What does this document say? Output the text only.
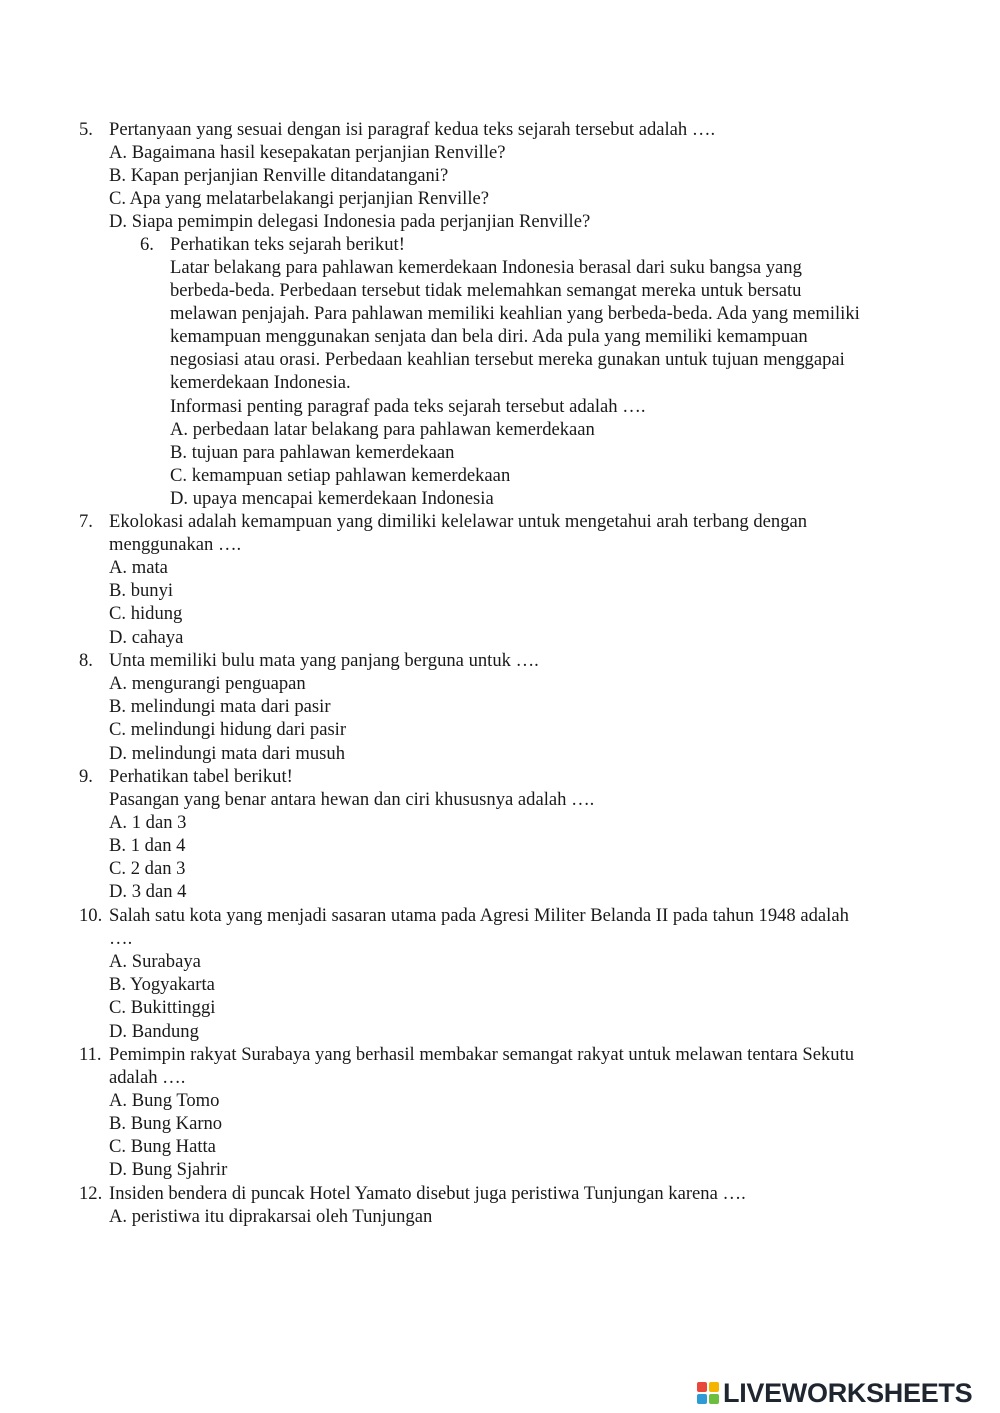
5. Pertanyaan yang sesuai dengan isi paragraf kedua teks sejarah tersebut adalah ….
A. Bagaimana hasil kesepakatan perjanjian Renville?
B. Kapan perjanjian Renville ditandatangani?
C. Apa yang melatarbelakangi perjanjian Renville?
D. Siapa pemimpin delegasi Indonesia pada perjanjian Renville?
6. Perhatikan teks sejarah berikut!
Latar belakang para pahlawan kemerdekaan Indonesia berasal dari suku bangsa yang
berbeda-beda. Perbedaan tersebut tidak melemahkan semangat mereka untuk bersatu
melawan penjajah. Para pahlawan memiliki keahlian yang berbeda-beda. Ada yang memiliki
kemampuan menggunakan senjata dan bela diri. Ada pula yang memiliki kemampuan
negosiasi atau orasi. Perbedaan keahlian tersebut mereka gunakan untuk tujuan menggapai
kemerdekaan Indonesia.
Informasi penting paragraf pada teks sejarah tersebut adalah ….
A. perbedaan latar belakang para pahlawan kemerdekaan
B. tujuan para pahlawan kemerdekaan
C. kemampuan setiap pahlawan kemerdekaan
D. upaya mencapai kemerdekaan Indonesia
7. Ekolokasi adalah kemampuan yang dimiliki kelelawar untuk mengetahui arah terbang dengan
menggunakan ….
A. mata
B. bunyi
C. hidung
D. cahaya
8. Unta memiliki bulu mata yang panjang berguna untuk ….
A. mengurangi penguapan
B. melindungi mata dari pasir
C. melindungi hidung dari pasir
D. melindungi mata dari musuh
9. Perhatikan tabel berikut!
Pasangan yang benar antara hewan dan ciri khususnya adalah ….
A. 1 dan 3
B. 1 dan 4
C. 2 dan 3
D. 3 dan 4
10. Salah satu kota yang menjadi sasaran utama pada Agresi Militer Belanda II pada tahun 1948 adalah
….
A. Surabaya
B. Yogyakarta
C. Bukittinggi
D. Bandung
11. Pemimpin rakyat Surabaya yang berhasil membakar semangat rakyat untuk melawan tentara Sekutu
adalah ….
A. Bung Tomo
B. Bung Karno
C. Bung Hatta
D. Bung Sjahrir
12. Insiden bendera di puncak Hotel Yamato disebut juga peristiwa Tunjungan karena ….
A. peristiwa itu diprakarsai oleh Tunjungan
LIVEWORKSHEETS
